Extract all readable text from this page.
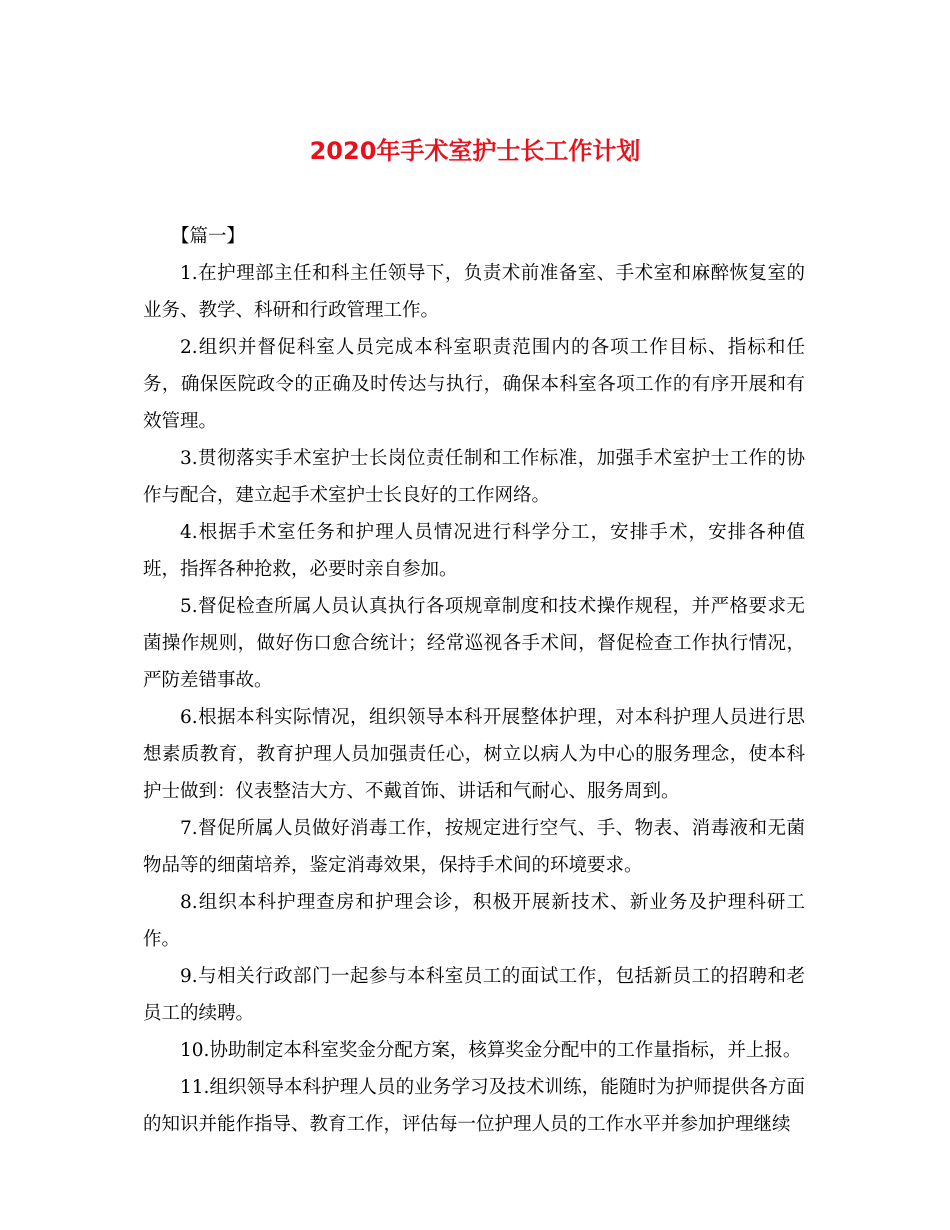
2020年手术室护士长工作计划

【篇一】

1.在护理部主任和科主任领导下，负责术前准备室、手术室和麻醉恢复室的业务、教学、科研和行政管理工作。

2.组织并督促科室人员完成本科室职责范围内的各项工作目标、指标和任务，确保医院政令的正确及时传达与执行，确保本科室各项工作的有序开展和有效管理。

3.贯彻落实手术室护士长岗位责任制和工作标准，加强手术室护士工作的协作与配合，建立起手术室护士长良好的工作网络。

4.根据手术室任务和护理人员情况进行科学分工，安排手术，安排各种值班，指挥各种抢救，必要时亲自参加。

5.督促检查所属人员认真执行各项规章制度和技术操作规程，并严格要求无菌操作规则，做好伤口愈合统计；经常巡视各手术间，督促检查工作执行情况，严防差错事故。

6.根据本科实际情况，组织领导本科开展整体护理，对本科护理人员进行思想素质教育，教育护理人员加强责任心，树立以病人为中心的服务理念，使本科护士做到：仪表整洁大方、不戴首饰、讲话和气耐心、服务周到。

7.督促所属人员做好消毒工作，按规定进行空气、手、物表、消毒液和无菌物品等的细菌培养，鉴定消毒效果，保持手术间的环境要求。

8.组织本科护理查房和护理会诊，积极开展新技术、新业务及护理科研工作。

9.与相关行政部门一起参与本科室员工的面试工作，包括新员工的招聘和老员工的续聘。

10.协助制定本科室奖金分配方案，核算奖金分配中的工作量指标，并上报。

11.组织领导本科护理人员的业务学习及技术训练，能随时为护师提供各方面的知识并能作指导、教育工作，评估每一位护理人员的工作水平并参加护理继续
